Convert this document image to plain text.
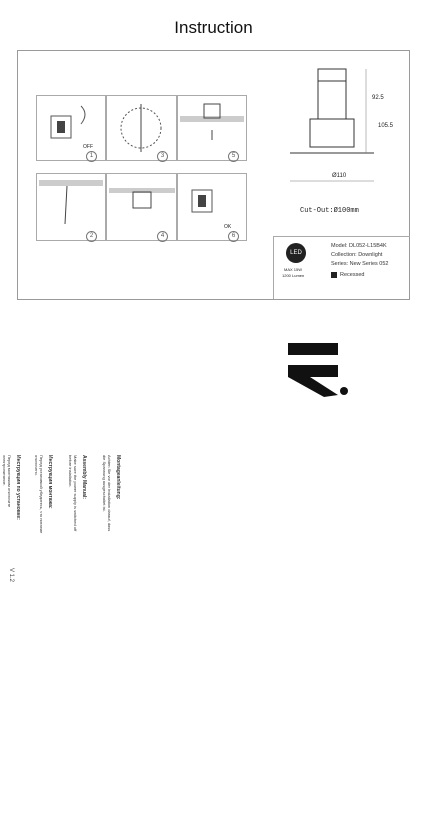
Instruction
OFF
OK
1	3	5
2	4	6
92.5
105.5
Ø110
Cut-Out:Ø100mm
LED
MAX 15W
1200 Lumen
Model: DL052-L15B4K
Collection: Downlight
Series: New Series 052
Recessed
Montageanleitung:
Achten Sie vor der Installation darauf, dass die Spannung ausgeschaltet ist.
Assembly Manual:
Make sure the power supply is switched off before installation.
Инструкция монтажа:
Перед установкой убедитесь, что питание отключено.
Инструкция по установке:
Перед монтажом отключите электропитание.
V 1.2
